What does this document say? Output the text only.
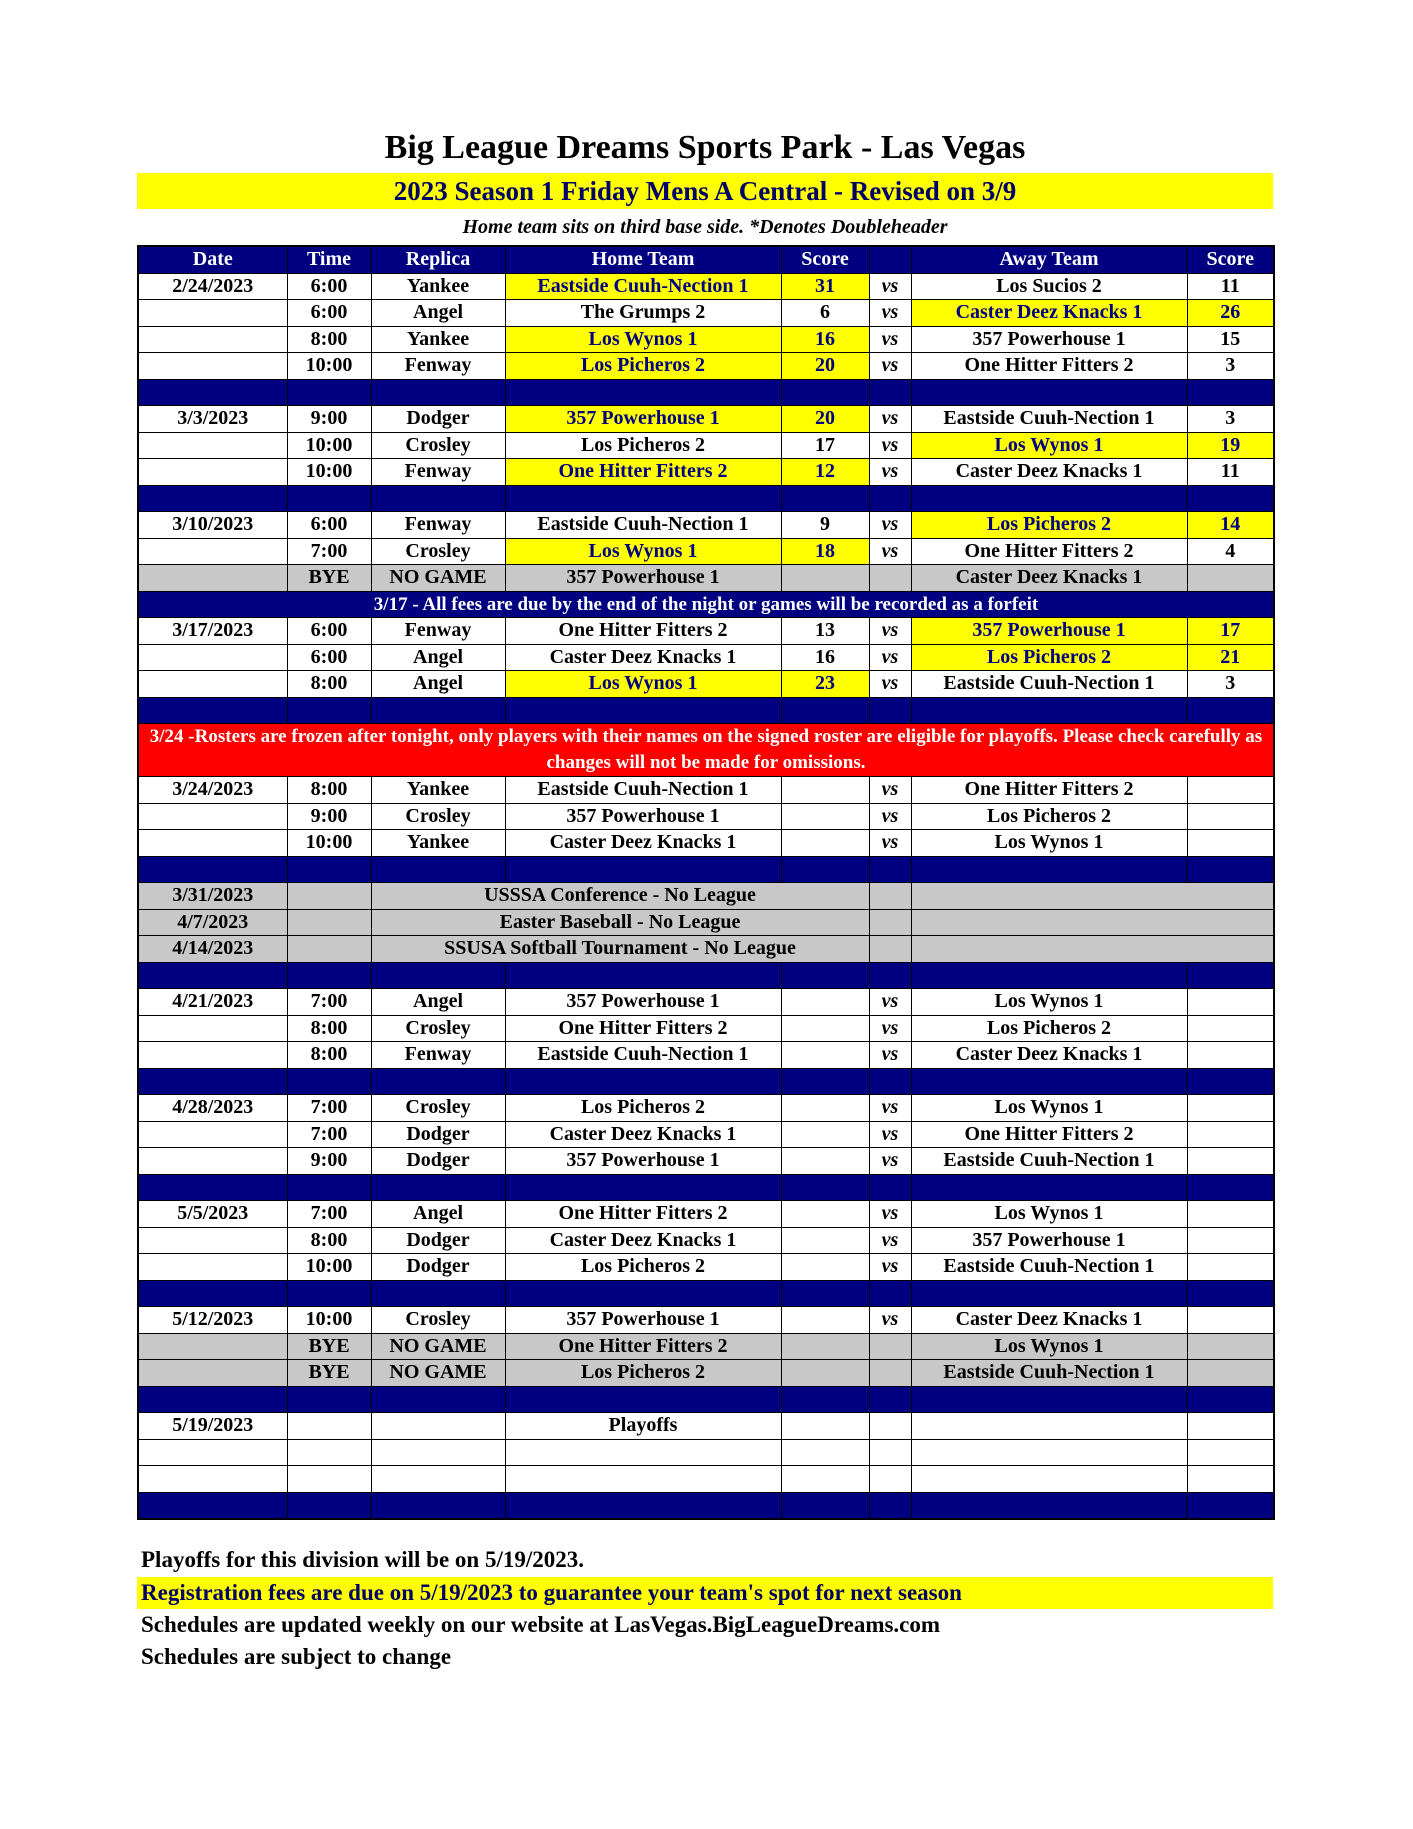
Big League Dreams Sports Park - Las Vegas
2023 Season 1 Friday Mens A Central - Revised on 3/9
Home team sits on third base side. *Denotes Doubleheader
Date	Time	Replica	Home Team	Score		Away Team	Score
2/24/2023	6:00	Yankee	Eastside Cuuh-Nection 1	31	vs	Los Sucios 2	11
	6:00	Angel	The Grumps 2	6	vs	Caster Deez Knacks 1	26
	8:00	Yankee	Los Wynos 1	16	vs	357 Powerhouse 1	15
	10:00	Fenway	Los Picheros 2	20	vs	One Hitter Fitters 2	3

3/3/2023	9:00	Dodger	357 Powerhouse 1	20	vs	Eastside Cuuh-Nection 1	3
	10:00	Crosley	Los Picheros 2	17	vs	Los Wynos 1	19
	10:00	Fenway	One Hitter Fitters 2	12	vs	Caster Deez Knacks 1	11

3/10/2023	6:00	Fenway	Eastside Cuuh-Nection 1	9	vs	Los Picheros 2	14
	7:00	Crosley	Los Wynos 1	18	vs	One Hitter Fitters 2	4
	BYE	NO GAME	357 Powerhouse 1			Caster Deez Knacks 1	
3/17 - All fees are due by the end of the night or games will be recorded as a forfeit							
3/17/2023	6:00	Fenway	One Hitter Fitters 2	13	vs	357 Powerhouse 1	17
	6:00	Angel	Caster Deez Knacks 1	16	vs	Los Picheros 2	21
	8:00	Angel	Los Wynos 1	23	vs	Eastside Cuuh-Nection 1	3

3/24 -Rosters are frozen after tonight, only players with their names on the signed roster are eligible for playoffs. Please check carefully as changes will not be made for omissions.							
3/24/2023	8:00	Yankee	Eastside Cuuh-Nection 1		vs	One Hitter Fitters 2	
	9:00	Crosley	357 Powerhouse 1		vs	Los Picheros 2	
	10:00	Yankee	Caster Deez Knacks 1		vs	Los Wynos 1	

3/31/2023		USSSA Conference - No League					
4/7/2023		Easter Baseball - No League					
4/14/2023		SSUSA Softball Tournament - No League					

4/21/2023	7:00	Angel	357 Powerhouse 1		vs	Los Wynos 1	
	8:00	Crosley	One Hitter Fitters 2		vs	Los Picheros 2	
	8:00	Fenway	Eastside Cuuh-Nection 1		vs	Caster Deez Knacks 1	

4/28/2023	7:00	Crosley	Los Picheros 2		vs	Los Wynos 1	
	7:00	Dodger	Caster Deez Knacks 1		vs	One Hitter Fitters 2	
	9:00	Dodger	357 Powerhouse 1		vs	Eastside Cuuh-Nection 1	

5/5/2023	7:00	Angel	One Hitter Fitters 2		vs	Los Wynos 1	
	8:00	Dodger	Caster Deez Knacks 1		vs	357 Powerhouse 1	
	10:00	Dodger	Los Picheros 2		vs	Eastside Cuuh-Nection 1	

5/12/2023	10:00	Crosley	357 Powerhouse 1		vs	Caster Deez Knacks 1	
	BYE	NO GAME	One Hitter Fitters 2			Los Wynos 1	
	BYE	NO GAME	Los Picheros 2			Eastside Cuuh-Nection 1	

5/19/2023			Playoffs				

Playoffs for this division will be on 5/19/2023.
Registration fees are due on 5/19/2023 to guarantee your team's spot for next season
Schedules are updated weekly on our website at LasVegas.BigLeagueDreams.com
Schedules are subject to change
